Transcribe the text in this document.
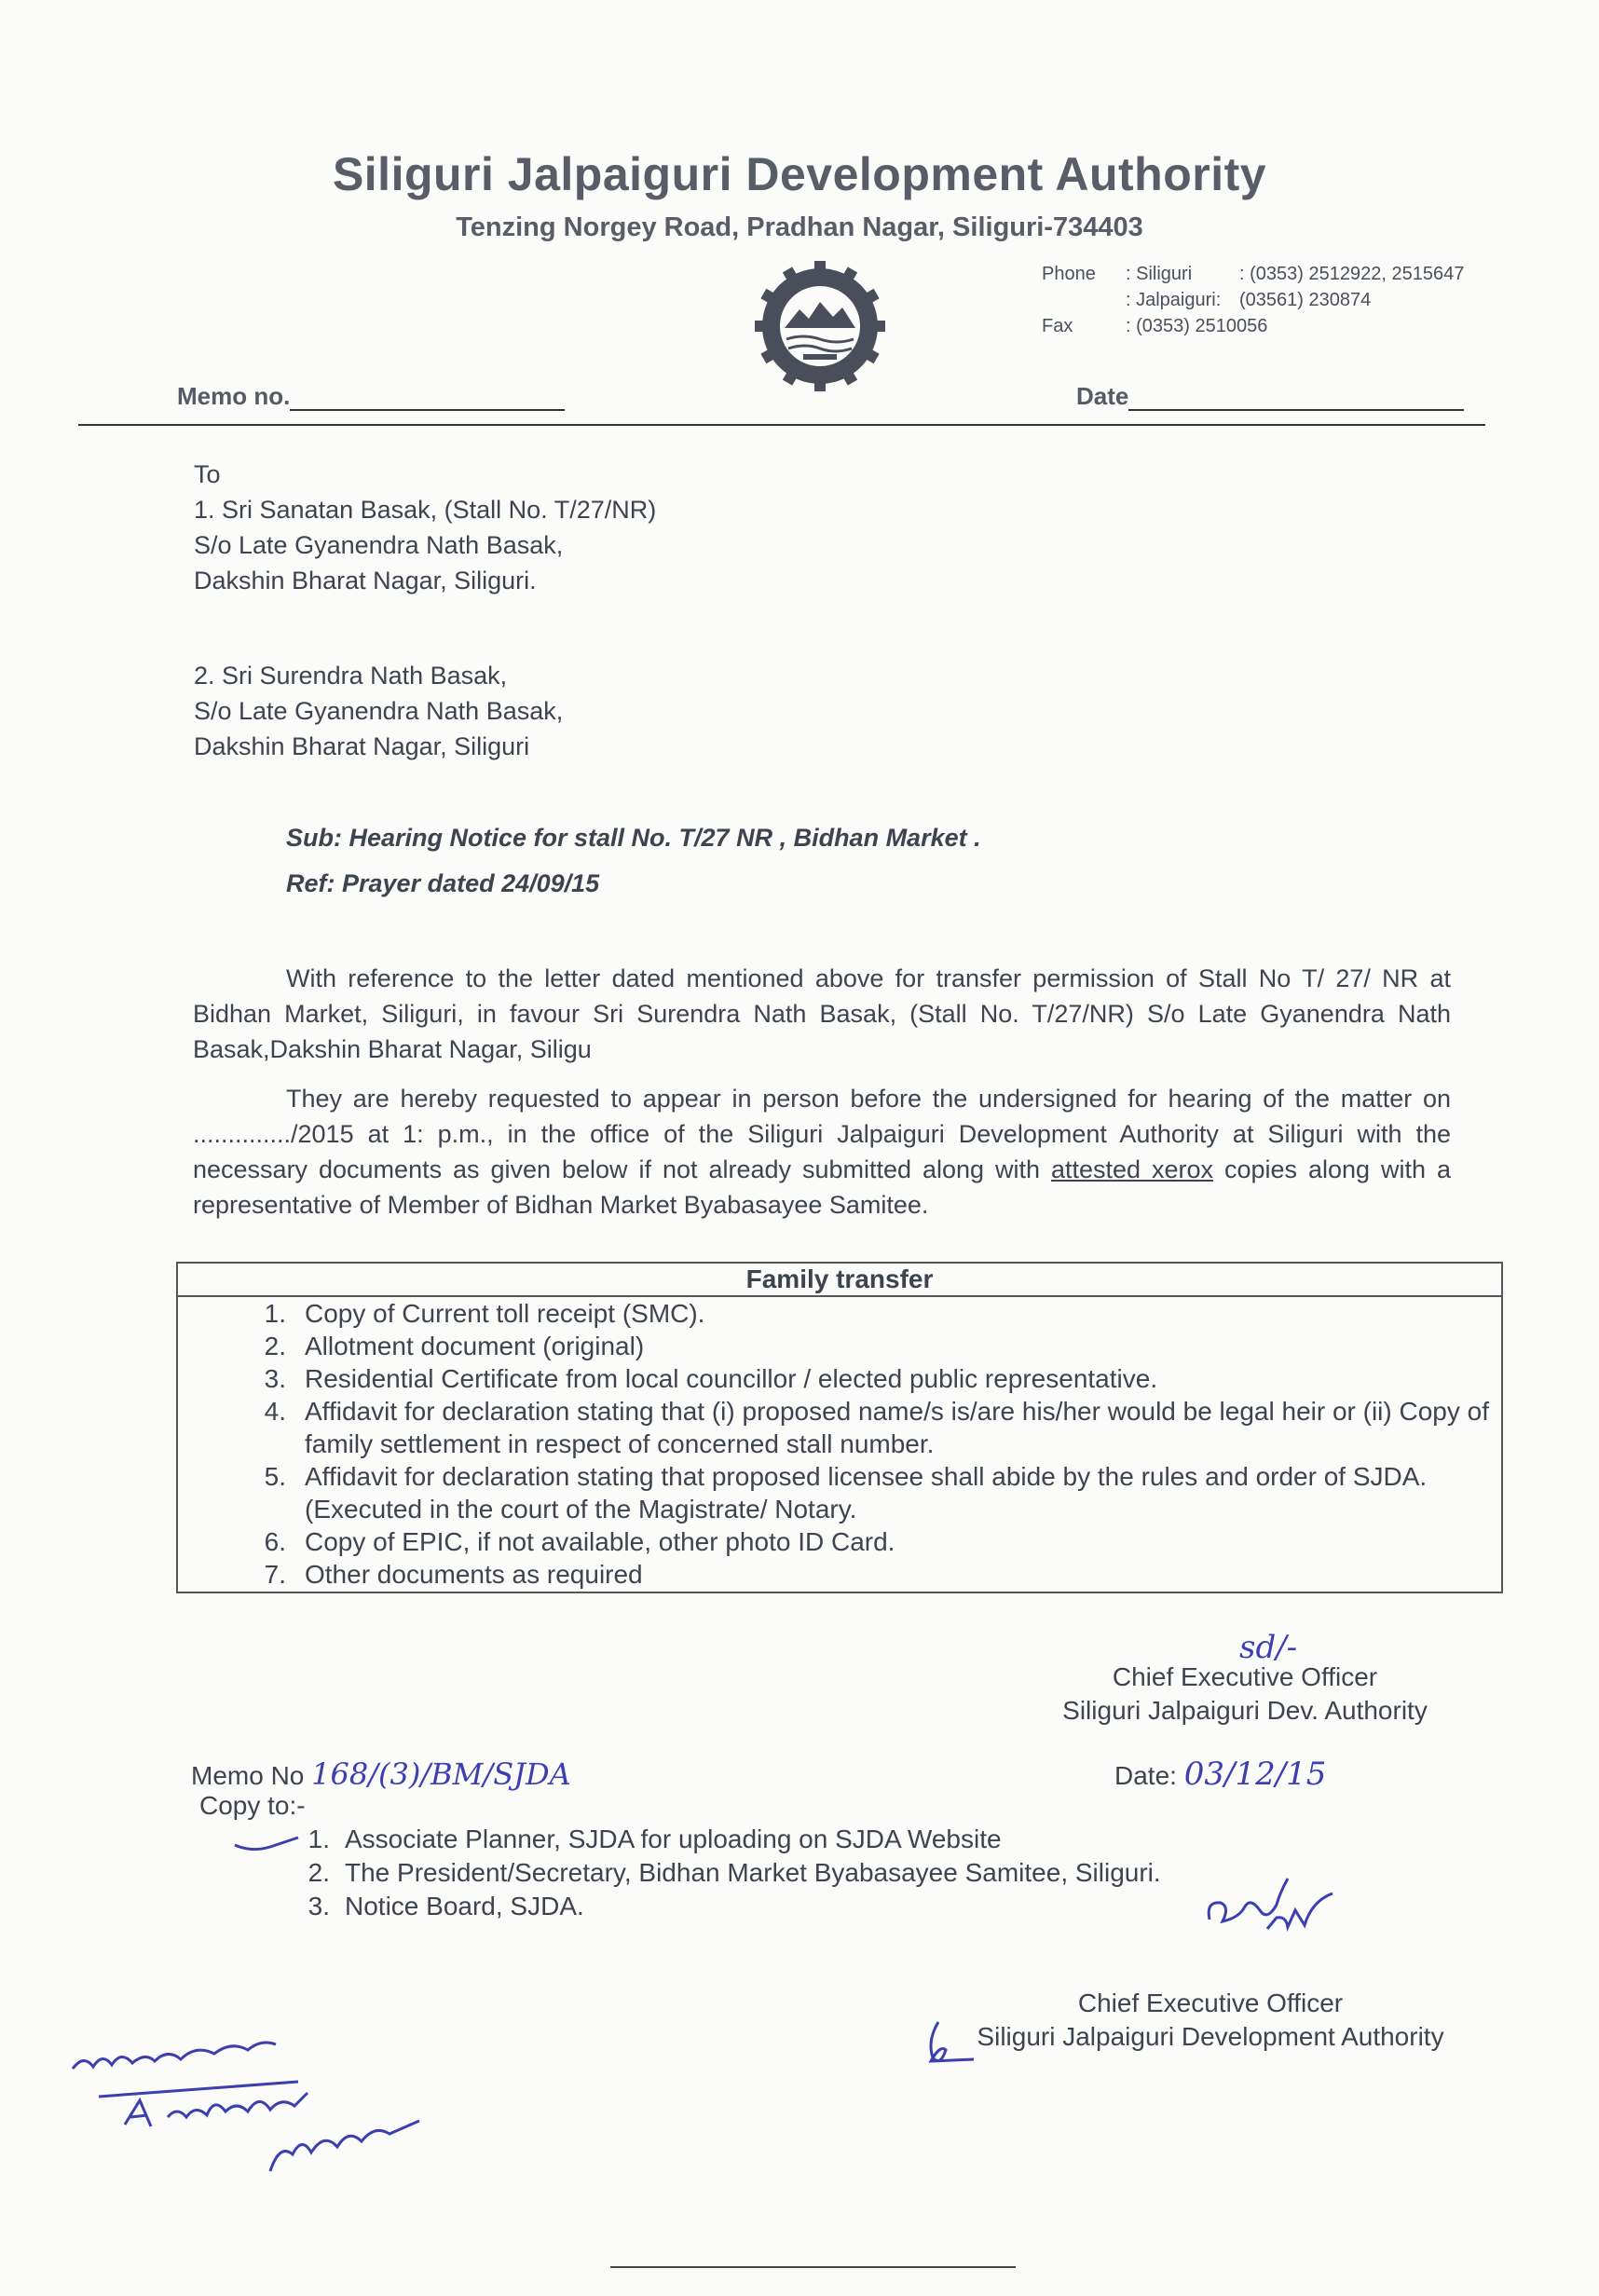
Siliguri Jalpaiguri Development Authority
Tenzing Norgey Road, Pradhan Nagar, Siliguri-734403
Phone	: Siliguri	: (0353) 2512922, 2515647
: Jalpaiguri: (03561) 230874
Fax	: (0353) 2510056
Memo no.	Date
To
1. Sri Sanatan Basak, (Stall No. T/27/NR)
S/o Late Gyanendra Nath Basak,
Dakshin Bharat Nagar, Siliguri.
2. Sri Surendra Nath Basak,
S/o Late Gyanendra Nath Basak,
Dakshin Bharat Nagar, Siliguri
Sub: Hearing Notice for stall No. T/27 NR , Bidhan Market .
Ref: Prayer dated 24/09/15
With reference to the letter dated mentioned above for transfer permission of Stall No T/ 27/ NR at Bidhan Market, Siliguri, in favour Sri Surendra Nath Basak, (Stall No. T/27/NR) S/o Late Gyanendra Nath Basak,Dakshin Bharat Nagar, Siligu
They are hereby requested to appear in person before the undersigned for hearing of the matter on ............../2015 at 1: p.m., in the office of the Siliguri Jalpaiguri Development Authority at Siliguri with the necessary documents as given below if not already submitted along with attested xerox copies along with a representative of Member of Bidhan Market Byabasayee Samitee.
Family transfer
1. Copy of Current toll receipt (SMC).
2. Allotment document (original)
3. Residential Certificate from local councillor / elected public representative.
4. Affidavit for declaration stating that (i) proposed name/s is/are his/her would be legal heir or (ii) Copy of family settlement in respect of concerned stall number.
5. Affidavit for declaration stating that proposed licensee shall abide by the rules and order of SJDA. (Executed in the court of the Magistrate/ Notary.
6. Copy of EPIC, if not available, other photo ID Card.
7. Other documents as required
sd/-
Chief Executive Officer
Siliguri Jalpaiguri Dev. Authority
Memo No 168/(3)/BM/SJDA	Date: 03/12/15
Copy to:-
1. Associate Planner, SJDA for uploading on SJDA Website
2. The President/Secretary, Bidhan Market Byabasayee Samitee, Siliguri.
3. Notice Board, SJDA.
Chief Executive Officer
Siliguri Jalpaiguri Development Authority
